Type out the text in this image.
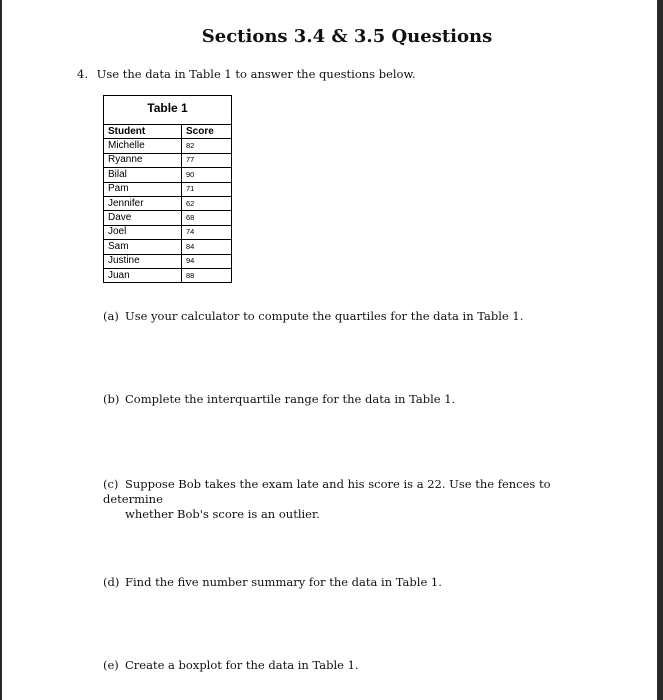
Sections 3.4 & 3.5 Questions
4. Use the data in Table 1 to answer the questions below.
Table 1	

Student	Score
Michelle	82
Ryanne	77
Bilal	90
Pam	71
Jennifer	62
Dave	68
Joel	74
Sam	84
Justine	94
Juan	88
(a) Use your calculator to compute the quartiles for the data in Table 1.
(b) Complete the interquartile range for the data in Table 1.
(c) Suppose Bob takes the exam late and his score is a 22. Use the fences to determine
whether Bob's score is an outlier.
(d) Find the five number summary for the data in Table 1.
(e) Create a boxplot for the data in Table 1.
